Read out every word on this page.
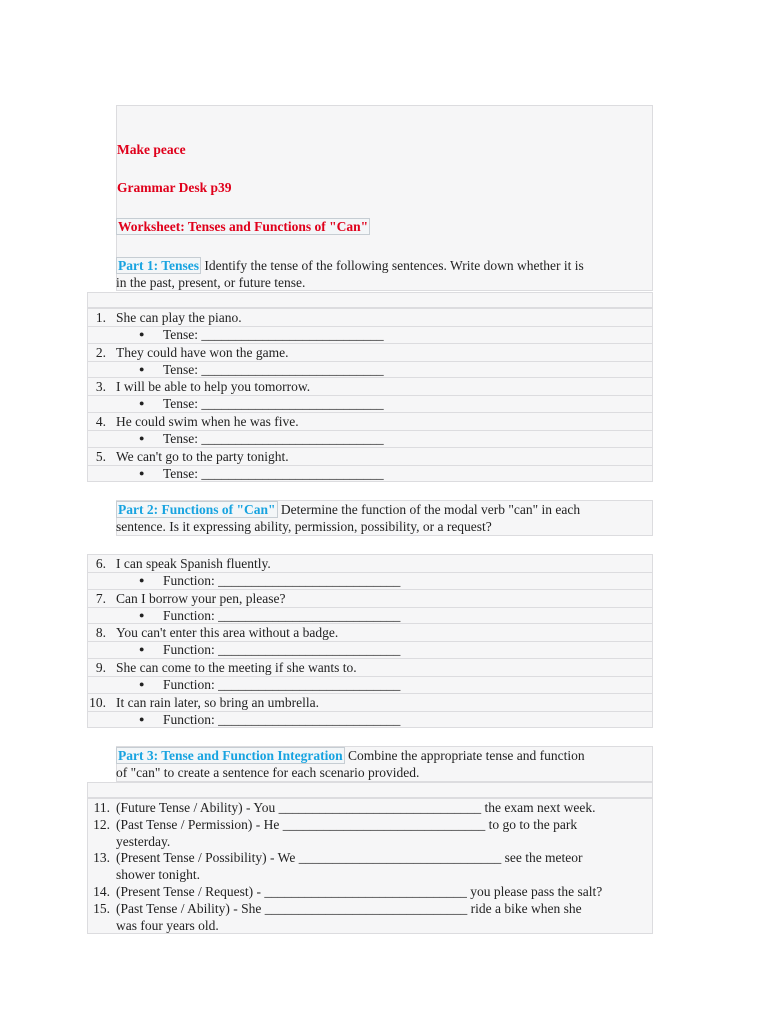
Make peace
Grammar Desk p39
Worksheet: Tenses and Functions of "Can"
Part 1: Tenses Identify the tense of the following sentences. Write down whether it is
in the past, present, or future tense.
1. She can play the piano.
● Tense: ___________________________
2. They could have won the game.
● Tense: ___________________________
3. I will be able to help you tomorrow.
● Tense: ___________________________
4. He could swim when he was five.
● Tense: ___________________________
5. We can't go to the party tonight.
● Tense: ___________________________
Part 2: Functions of "Can" Determine the function of the modal verb "can" in each
sentence. Is it expressing ability, permission, possibility, or a request?
6. I can speak Spanish fluently.
● Function: ___________________________
7. Can I borrow your pen, please?
● Function: ___________________________
8. You can't enter this area without a badge.
● Function: ___________________________
9. She can come to the meeting if she wants to.
● Function: ___________________________
10. It can rain later, so bring an umbrella.
● Function: ___________________________
Part 3: Tense and Function Integration Combine the appropriate tense and function
of "can" to create a sentence for each scenario provided.
11. (Future Tense / Ability) - You ______________________________ the exam next week.
12. (Past Tense / Permission) - He ______________________________ to go to the park
yesterday.
13. (Present Tense / Possibility) - We ______________________________ see the meteor
shower tonight.
14. (Present Tense / Request) - ______________________________ you please pass the salt?
15. (Past Tense / Ability) - She ______________________________ ride a bike when she
was four years old.
